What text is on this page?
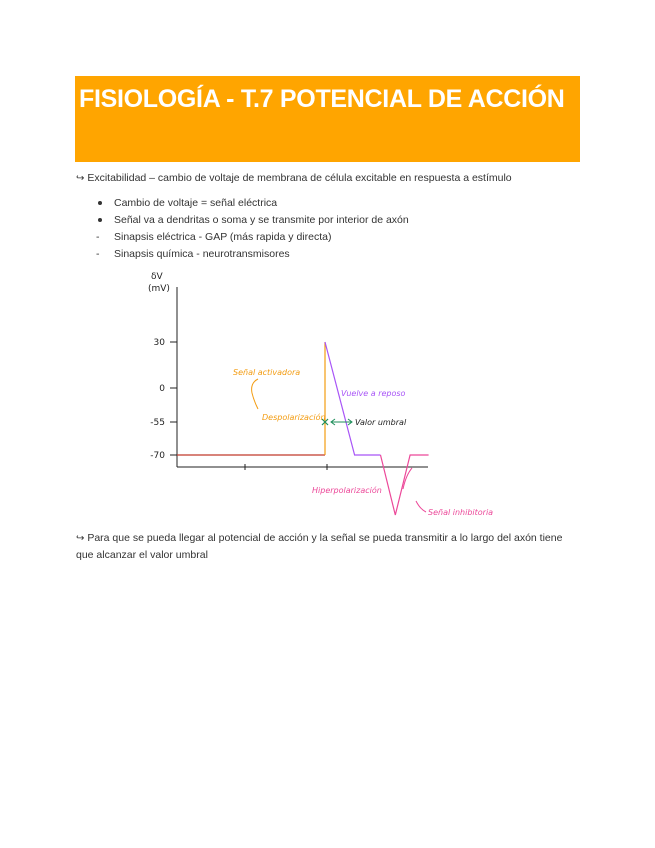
FISIOLOGÍA - T.7 POTENCIAL DE ACCIÓN
↪ Excitabilidad – cambio de voltaje de membrana de célula excitable en respuesta a estímulo
Cambio de voltaje = señal eléctrica
Señal va a dendritas o soma y se transmite por interior de axón
- Sinapsis eléctrica - GAP (más rapida y directa)
- Sinapsis química - neurotransmisores
δV
(mV)
30
0
-55
-70
Señal activadora
Despolarización
Vuelve a reposo
Valor umbral
Hiperpolarización
Señal inhibitoria
↪ Para que se pueda llegar al potencial de acción y la señal se pueda transmitir a lo largo del axón tiene que alcanzar el valor umbral
